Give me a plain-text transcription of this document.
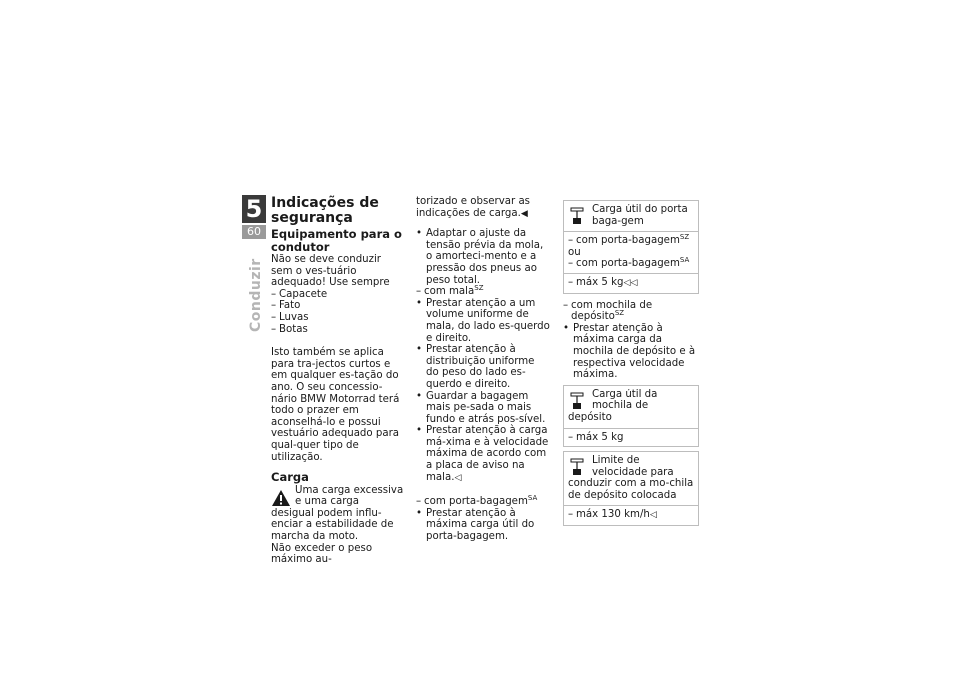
5
60
Conduzir
Indicações de segurança
Equipamento para o condutor

Não se deve conduzir sem o ves-tuário adequado! Use sempre

– Capacete
– Fato
– Luvas
– Botas

Isto também se aplica para tra-jectos curtos e em qualquer es-tação do ano. O seu concessio-nário BMW Motorrad terá todo o prazer em aconselhá-lo e possui vestuário adequado para qual-quer tipo de utilização.

Carga
Uma carga excessiva e uma carga desigual podem influ-enciar a estabilidade de marcha da moto.

Não exceder o peso máximo au-

torizado e observar as indicações de carga.◀

• Adaptar o ajuste da tensão prévia da mola, o amorteci-mento e a pressão dos pneus ao peso total.
– com mala$^{SZ}$
• Prestar atenção a um volume uniforme de mala, do lado es-querdo e direito.
• Prestar atenção à distribuição uniforme do peso do lado es-querdo e direito.
• Guardar a bagagem mais pe-sada o mais fundo e atrás pos-sível.
• Prestar atenção à carga má-xima e à velocidade máxima de acordo com a placa de aviso na mala.◁
– com porta-bagagem$^{SA}$
• Prestar atenção à máxima carga útil do porta-bagagem.
Carga útil do porta baga-gem
– com porta-bagagem$^{SZ}$
ou
– com porta-bagagem$^{SA}$
– máx 5 kg◁◁
– com mochila de depósito$^{SZ}$
• Prestar atenção à máxima carga da mochila de depósito e à respectiva velocidade máxima.
Carga útil da mochila de depósito
– máx 5 kg
Limite de velocidade para conduzir com a mo-chila de depósito colocada
– máx 130 km/h◁
